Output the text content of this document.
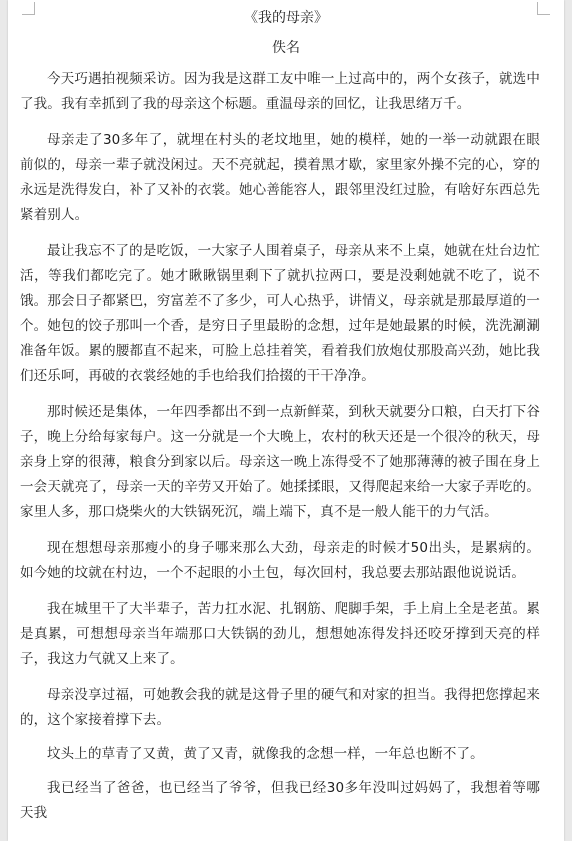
《我的母亲》
佚名

今天巧遇拍视频采访。因为我是这群工友中唯一上过高中的，两个女孩子，就选中了我。我有幸抓到了我的母亲这个标题。重温母亲的回忆，让我思绪万千。

母亲走了30多年了，就埋在村头的老坟地里，她的模样，她的一举一动就跟在眼前似的，母亲一辈子就没闲过。天不亮就起，摸着黑才歇，家里家外操不完的心，穿的永远是洗得发白，补了又补的衣裳。她心善能容人，跟邻里没红过脸，有啥好东西总先紧着别人。

最让我忘不了的是吃饭，一大家子人围着桌子，母亲从来不上桌，她就在灶台边忙活，等我们都吃完了。她才瞅瞅锅里剩下了就扒拉两口，要是没剩她就不吃了，说不饿。那会日子都紧巴，穷富差不了多少，可人心热乎，讲情义，母亲就是那最厚道的一个。她包的饺子那叫一个香，是穷日子里最盼的念想，过年是她最累的时候，洗洗涮涮准备年饭。累的腰都直不起来，可脸上总挂着笑，看着我们放炮仗那股高兴劲，她比我们还乐呵，再破的衣裳经她的手也给我们拾掇的干干净净。

那时候还是集体，一年四季都出不到一点新鲜菜，到秋天就要分口粮，白天打下谷子，晚上分给每家每户。这一分就是一个大晚上，农村的秋天还是一个很冷的秋天，母亲身上穿的很薄，粮食分到家以后。母亲这一晚上冻得受不了她那薄薄的被子围在身上一会天就亮了，母亲一天的辛劳又开始了。她揉揉眼，又得爬起来给一大家子弄吃的。家里人多，那口烧柴火的大铁锅死沉，端上端下，真不是一般人能干的力气活。

现在想想母亲那瘦小的身子哪来那么大劲，母亲走的时候才50出头，是累病的。如今她的坟就在村边，一个不起眼的小土包，每次回村，我总要去那站跟他说说话。

我在城里干了大半辈子，苦力扛水泥、扎钢筋、爬脚手架，手上肩上全是老茧。累是真累，可想想母亲当年端那口大铁锅的劲儿，想想她冻得发抖还咬牙撑到天亮的样子，我这力气就又上来了。

母亲没享过福，可她教会我的就是这骨子里的硬气和对家的担当。我得把您撑起来的，这个家接着撑下去。

坟头上的草青了又黄，黄了又青，就像我的念想一样，一年总也断不了。

我已经当了爸爸，也已经当了爷爷，但我已经30多年没叫过妈妈了，我想着等哪天我
